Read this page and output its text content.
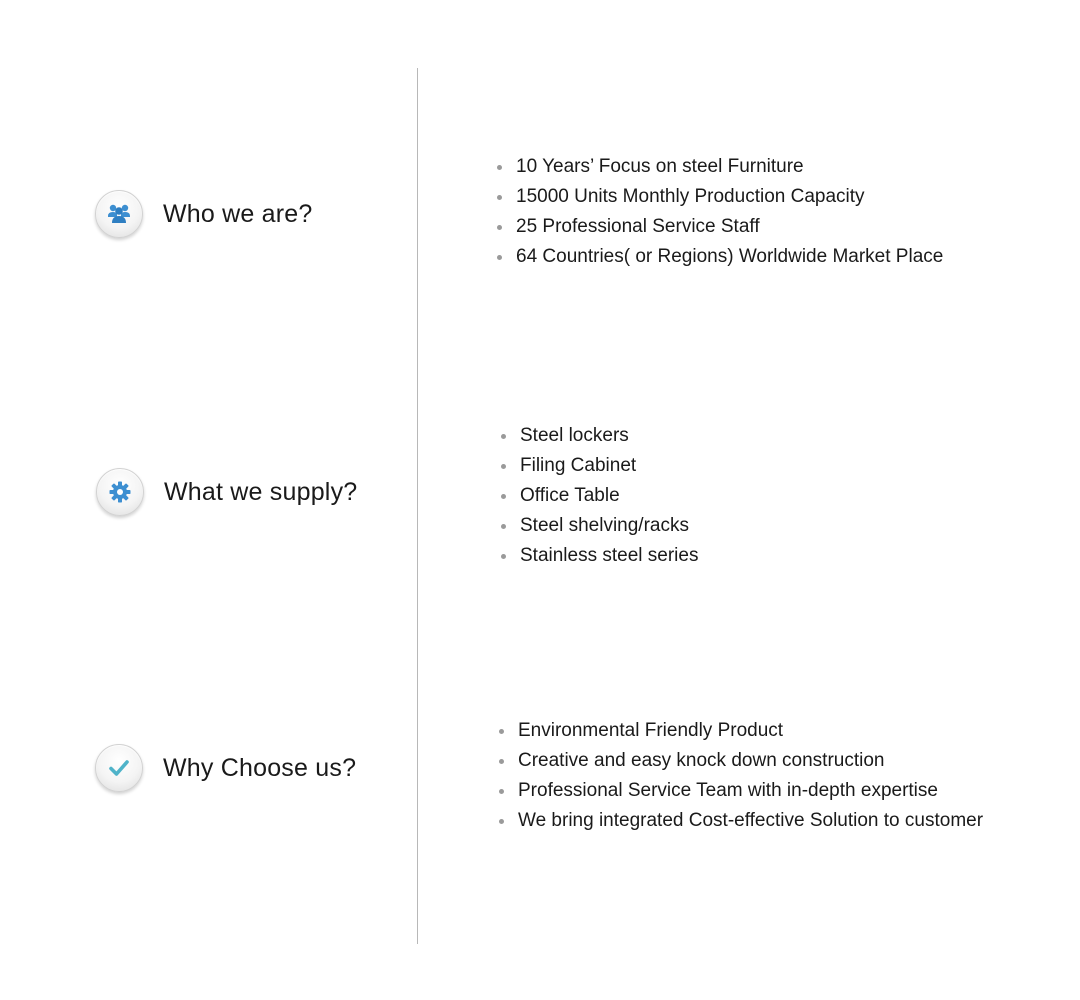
Who we are?
10 Years’ Focus on steel Furniture
15000 Units Monthly Production Capacity
25 Professional Service Staff
64 Countries( or Regions) Worldwide Market Place
What we supply?
Steel lockers
Filing Cabinet
Office Table
Steel shelving/racks
Stainless steel series
Why Choose us?
Environmental Friendly Product
Creative and easy knock down construction
Professional Service Team with in-depth expertise
We bring integrated Cost-effective Solution to customer
